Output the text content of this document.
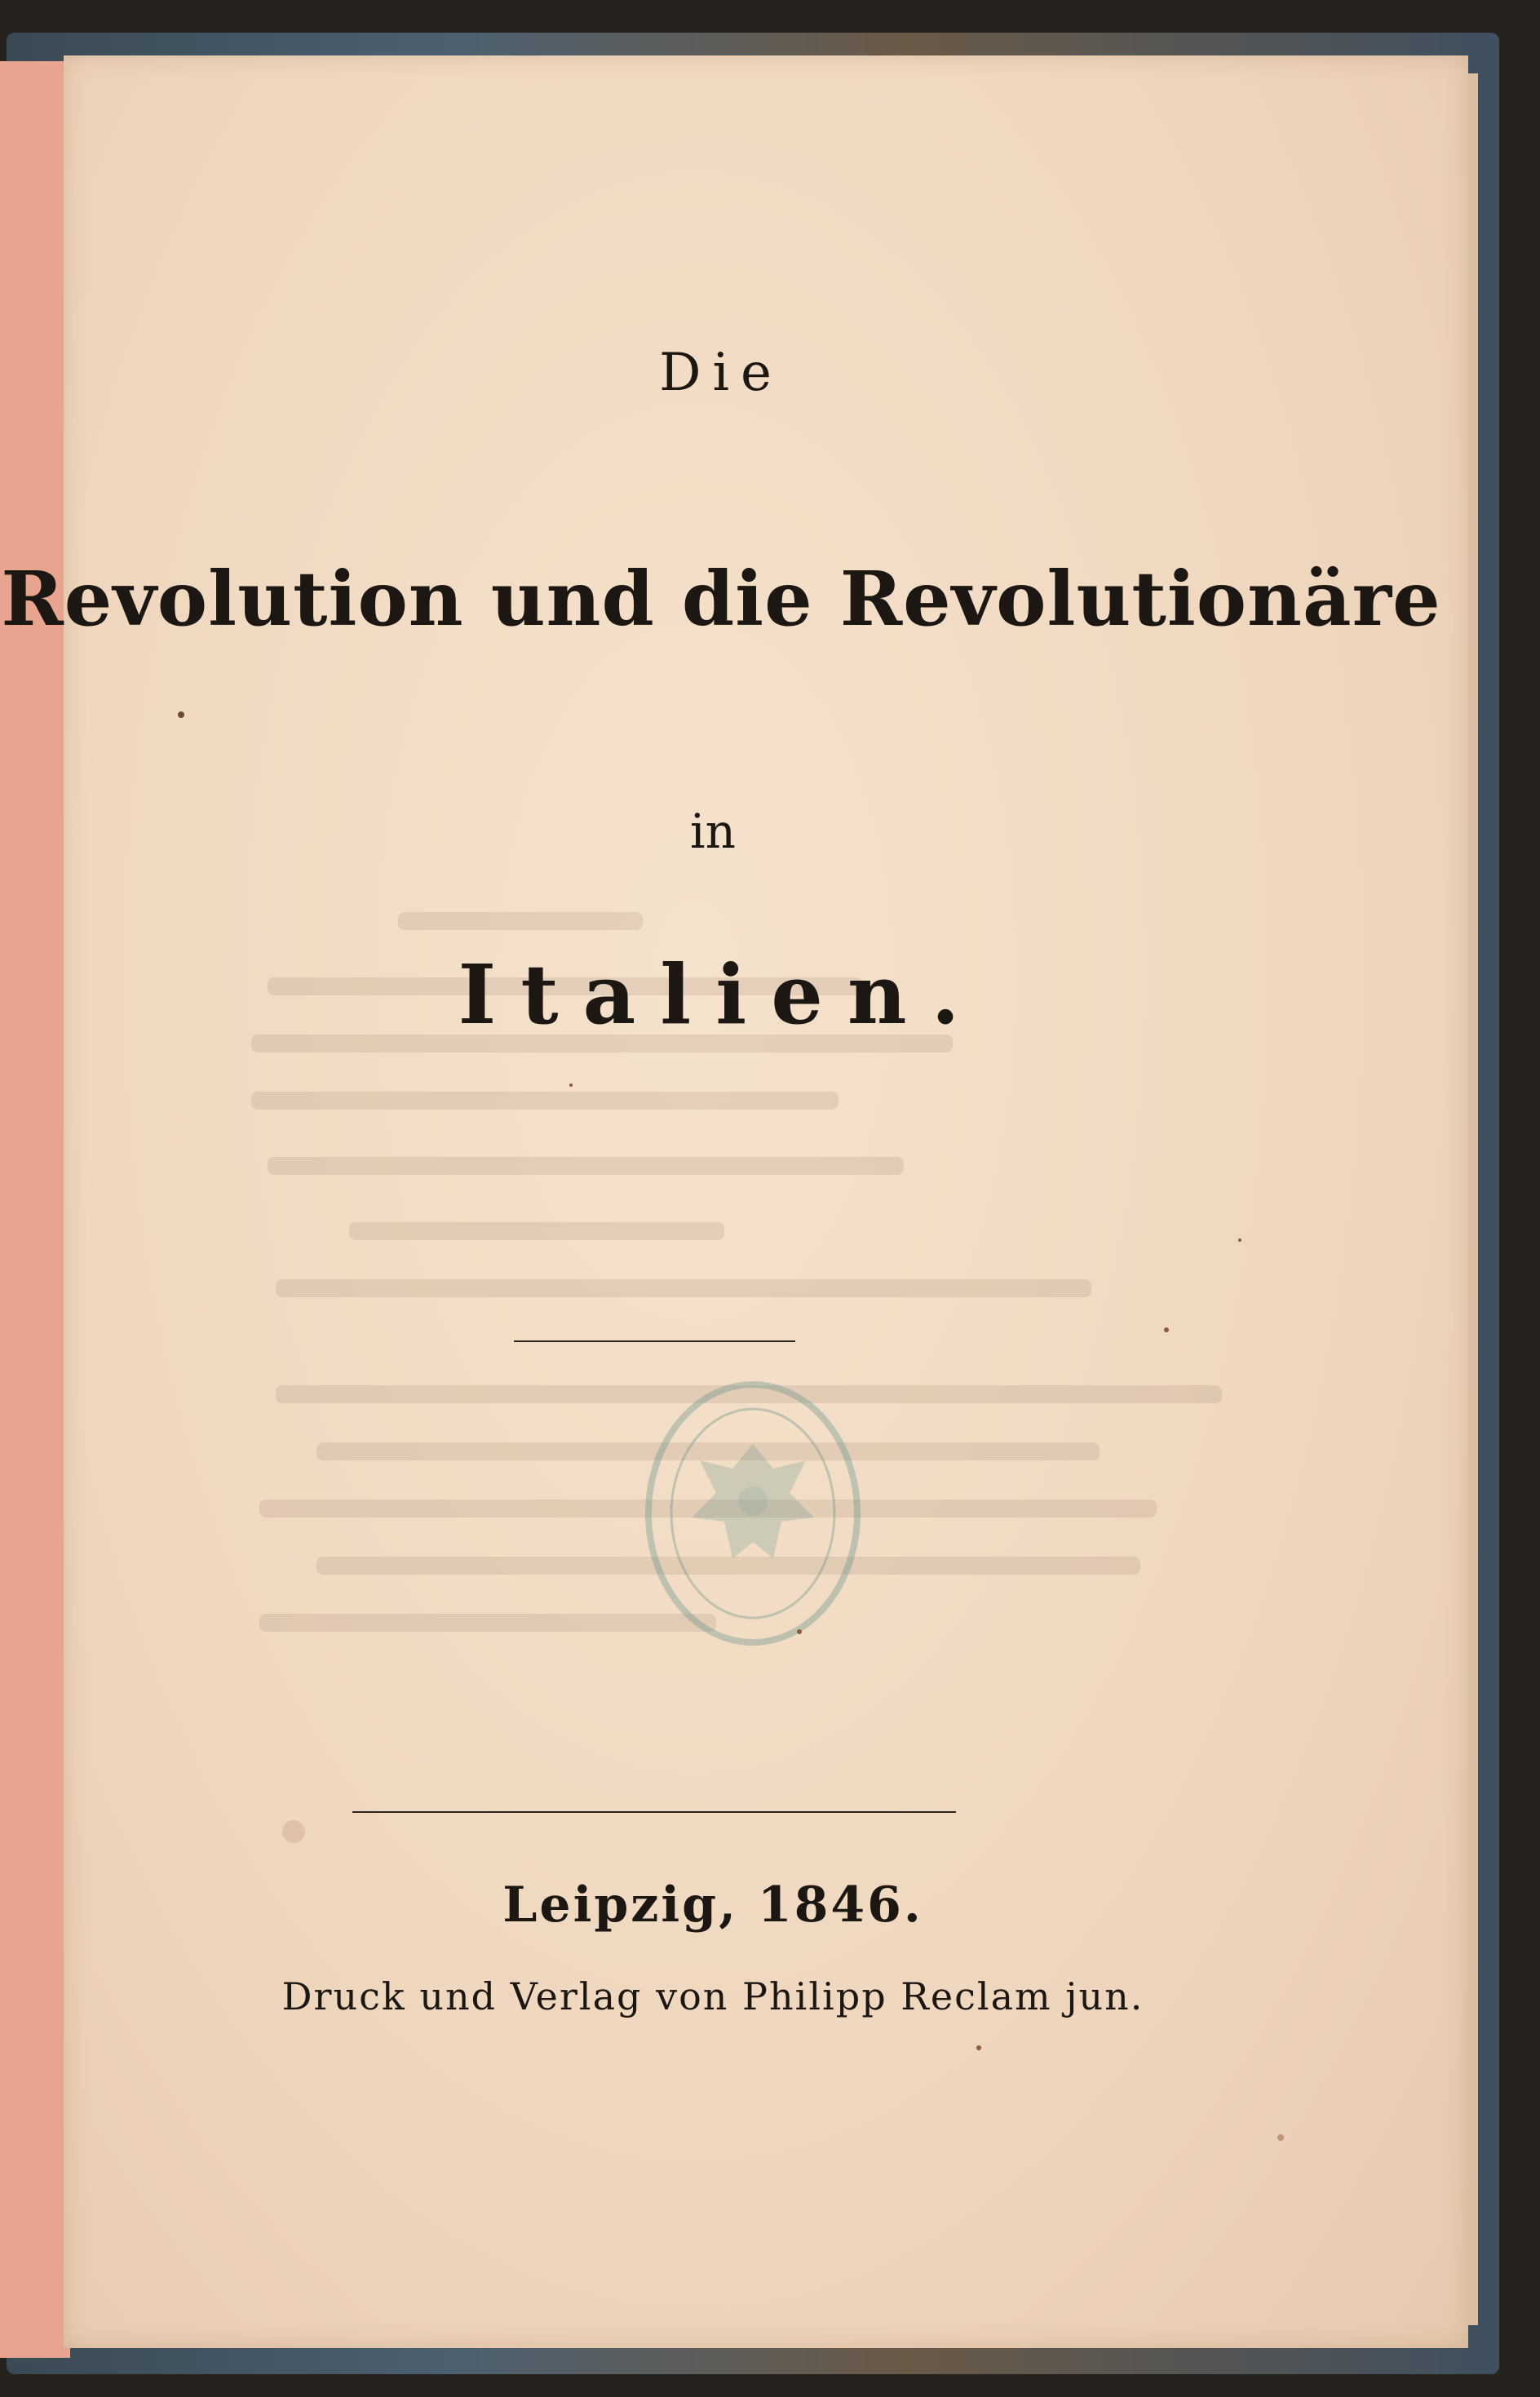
Die
Revolution und die Revolutionäre
in
Italien.
Leipzig, 1846.
Druck und Verlag von Philipp Reclam jun.
